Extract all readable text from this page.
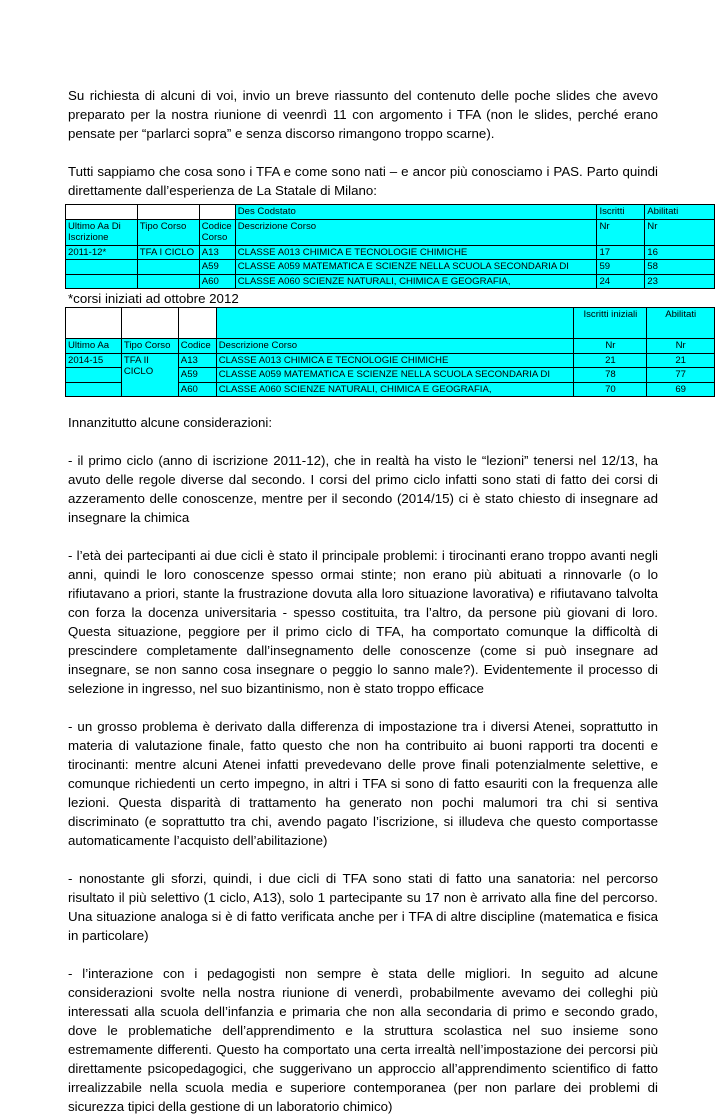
Su richiesta di alcuni di voi, invio un breve riassunto del contenuto delle poche slides che avevo preparato per la nostra riunione di veenrdì 11 con argomento i TFA (non le slides, perché erano pensate per “parlarci sopra” e senza discorso rimangono troppo scarne).

Tutti sappiamo che cosa sono i TFA e come sono nati – e ancor più conosciamo i PAS. Parto quindi direttamente dall’esperienza de La Statale di Milano:

			Des Codstato	Iscritti	Abilitati
Ultimo Aa Di Iscrizione	Tipo Corso	Codice Corso	Descrizione Corso	Nr	Nr
2011-12*	TFA I CICLO	A13	CLASSE A013 CHIMICA E TECNOLOGIE CHIMICHE	17	16
		A59	CLASSE A059 MATEMATICA E SCIENZE NELLA SCUOLA SECONDARIA DI	59	58
		A60	CLASSE A060 SCIENZE NATURALI, CHIMICA E GEOGRAFIA,	24	23
*corsi iniziati ad ottobre 2012
				Iscritti iniziali	Abilitati
Ultimo Aa	Tipo Corso	Codice	Descrizione Corso	Nr	Nr
2014-15	TFA II CICLO	A13	CLASSE A013 CHIMICA E TECNOLOGIE CHIMICHE	21	21
		A59	CLASSE A059 MATEMATICA E SCIENZE NELLA SCUOLA SECONDARIA DI	78	77
		A60	CLASSE A060 SCIENZE NATURALI, CHIMICA E GEOGRAFIA,	70	69

Innanzitutto alcune considerazioni:

- il primo ciclo (anno di iscrizione 2011-12), che in realtà ha visto le “lezioni” tenersi nel 12/13, ha avuto delle regole diverse dal secondo. I corsi del primo ciclo infatti sono stati di fatto dei corsi di azzeramento delle conoscenze, mentre per il secondo (2014/15) ci è stato chiesto di insegnare ad insegnare la chimica

- l’età dei partecipanti ai due cicli è stato il principale problemi: i tirocinanti erano troppo avanti negli anni, quindi le loro conoscenze spesso ormai stinte; non erano più abituati a rinnovarle (o lo rifiutavano a priori, stante la frustrazione dovuta alla loro situazione lavorativa) e rifiutavano talvolta con forza la docenza universitaria - spesso costituita, tra l’altro, da persone più giovani di loro. Questa situazione, peggiore per il primo ciclo di TFA, ha comportato comunque la difficoltà di prescindere completamente dall’insegnamento delle conoscenze (come si può insegnare ad insegnare, se non sanno cosa insegnare o peggio lo sanno male?). Evidentemente il processo di selezione in ingresso, nel suo bizantinismo, non è stato troppo efficace

- un grosso problema è derivato dalla differenza di impostazione tra i diversi Atenei, soprattutto in materia di valutazione finale, fatto questo che non ha contribuito ai buoni rapporti tra docenti e tirocinanti: mentre alcuni Atenei infatti prevedevano delle prove finali potenzialmente selettive, e comunque richiedenti un certo impegno, in altri i TFA si sono di fatto esauriti con la frequenza alle lezioni. Questa disparità di trattamento ha generato non pochi malumori tra chi si sentiva discriminato (e soprattutto tra chi, avendo pagato l’iscrizione, si illudeva che questo comportasse automaticamente l’acquisto dell’abilitazione)

- nonostante gli sforzi, quindi, i due cicli di TFA sono stati di fatto una sanatoria: nel percorso risultato il più selettivo (1 ciclo, A13), solo 1 partecipante su 17 non è arrivato alla fine del percorso. Una situazione analoga si è di fatto verificata anche per i TFA di altre discipline (matematica e fisica in particolare)

- l’interazione con i pedagogisti non sempre è stata delle migliori. In seguito ad alcune considerazioni svolte nella nostra riunione di venerdì, probabilmente avevamo dei colleghi più interessati alla scuola dell’infanzia e primaria che non alla secondaria di primo e secondo grado, dove le problematiche dell’apprendimento e la struttura scolastica nel suo insieme sono estremamente differenti. Questo ha comportato una certa irrealtà nell’impostazione dei percorsi più direttamente psicopedagogici, che suggerivano un approccio all’apprendimento scientifico di fatto irrealizzabile nella scuola media e superiore contemporanea (per non parlare dei problemi di sicurezza tipici della gestione di un laboratorio chimico)
